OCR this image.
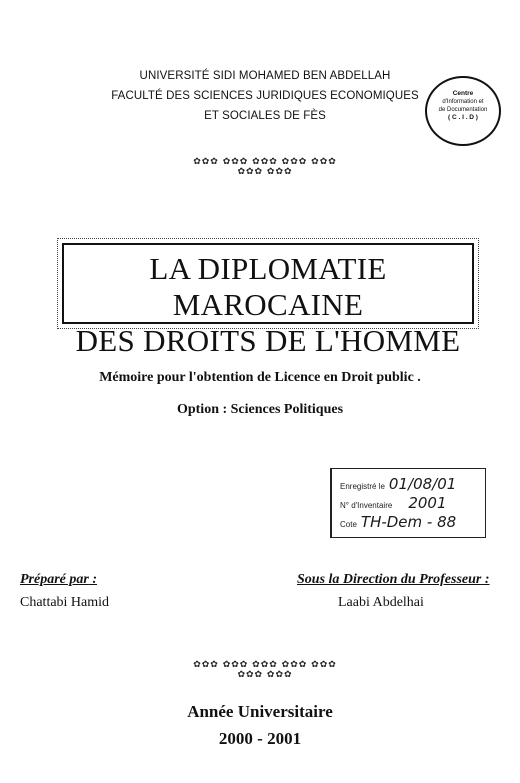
UNIVERSITÉ SIDI MOHAMED BEN ABDELLAH
FACULTÉ DES SCIENCES JURIDIQUES ECONOMIQUES
ET SOCIALES DE FÈS
Centre
d'Information et
de Documentation
( C . I . D )
✿✿✿ ✿✿✿ ✿✿✿ ✿✿✿ ✿✿✿ ✿✿✿ ✿✿✿
LA DIPLOMATIE MAROCAINE
DES DROITS DE L'HOMME
Mémoire pour l'obtention de Licence en Droit public .
Option : Sciences Politiques
Enregistré le 01/08/01
N° d'Inventaire 2001
Cote TH-Dem - 88
Préparé par :
Chattabi Hamid
Sous la Direction du Professeur :
Laabi Abdelhai
✿✿✿ ✿✿✿ ✿✿✿ ✿✿✿ ✿✿✿ ✿✿✿ ✿✿✿
Année Universitaire
2000 - 2001
